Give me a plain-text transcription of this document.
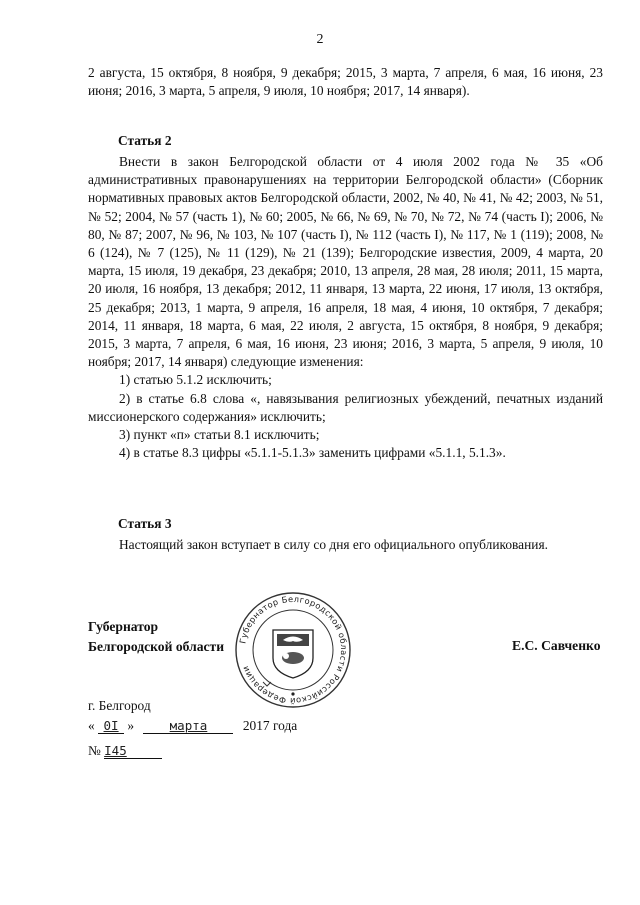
2

2 августа, 15 октября, 8 ноября, 9 декабря; 2015, 3 марта, 7 апреля, 6 мая, 16 июня, 23 июня; 2016, 3 марта, 5 апреля, 9 июля, 10 ноября; 2017, 14 января).

Статья 2

Внести в закон Белгородской области от 4 июля 2002 года № 35 «Об административных правонарушениях на территории Белгородской области» (Сборник нормативных правовых актов Белгородской области, 2002, № 40, № 41, № 42; 2003, № 51, № 52; 2004, № 57 (часть 1), № 60; 2005, № 66, № 69, № 70, № 72, № 74 (часть I); 2006, № 80, № 87; 2007, № 96, № 103, № 107 (часть I), № 112 (часть I), № 117, № 1 (119); 2008, № 6 (124), № 7 (125), № 11 (129), № 21 (139); Белгородские известия, 2009, 4 марта, 20 марта, 15 июля, 19 декабря, 23 декабря; 2010, 13 апреля, 28 мая, 28 июля; 2011, 15 марта, 20 июля, 16 ноября, 13 декабря; 2012, 11 января, 13 марта, 22 июня, 17 июля, 13 октября, 25 декабря; 2013, 1 марта, 9 апреля, 16 апреля, 18 мая, 4 июня, 10 октября, 7 декабря; 2014, 11 января, 18 марта, 6 мая, 22 июля, 2 августа, 15 октября, 8 ноября, 9 декабря; 2015, 3 марта, 7 апреля, 6 мая, 16 июня, 23 июня; 2016, 3 марта, 5 апреля, 9 июля, 10 ноября; 2017, 14 января) следующие изменения:

1) статью 5.1.2 исключить;

2) в статье 6.8 слова «, навязывания религиозных убеждений, печатных изданий миссионерского содержания» исключить;

3) пункт «п» статьи 8.1 исключить;

4) в статье 8.3 цифры «5.1.1-5.1.3» заменить цифрами «5.1.1, 5.1.3».

Статья 3

Настоящий закон вступает в силу со дня его официального опубликования.

Губернатор
Белгородской области Губернатор Белгородской области Российской Федерации
Е.С. Савченко
г. Белгород
« 0I »	марта	2017 года
№ I45
